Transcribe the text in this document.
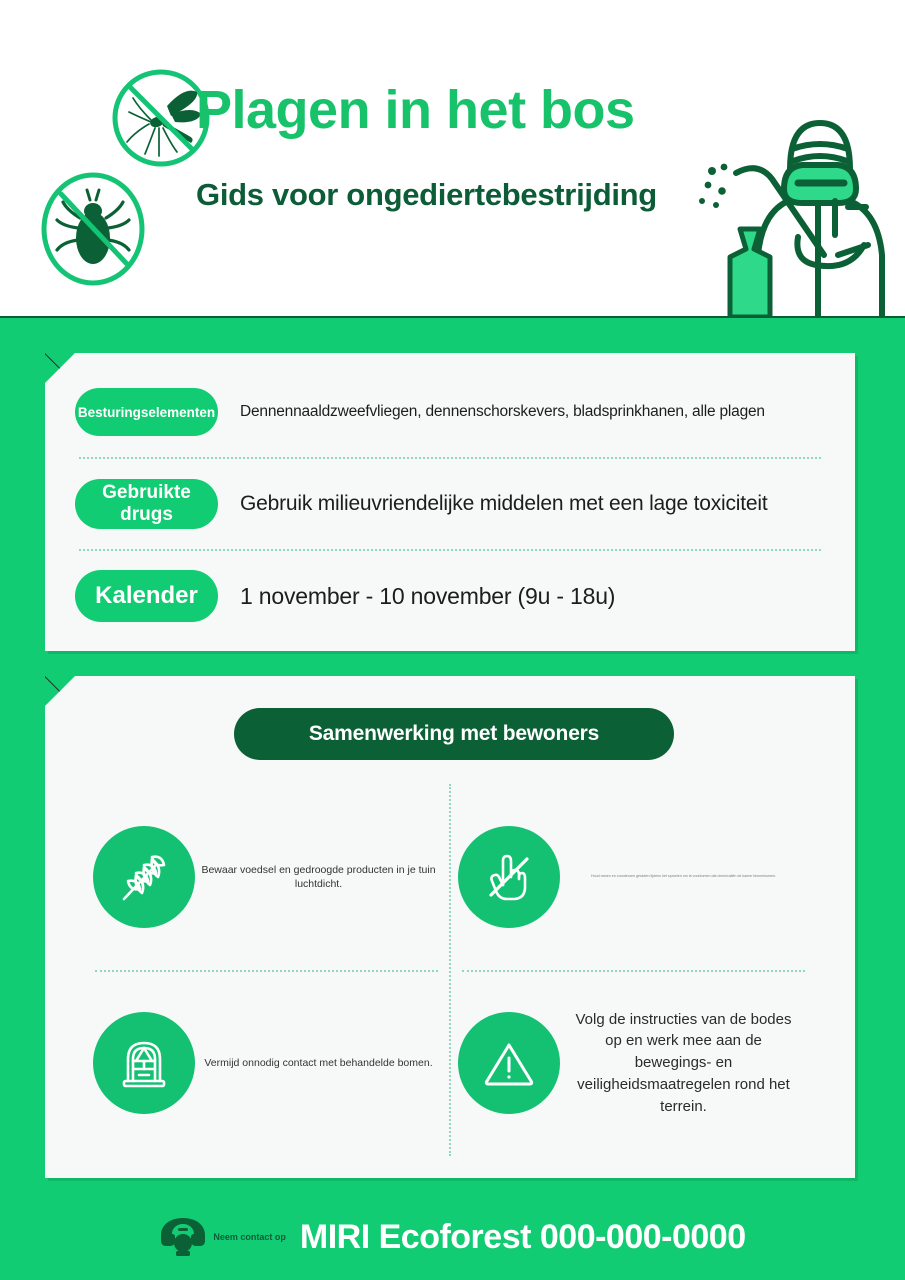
Plagen in het bos
Gids voor ongediertebestrijding
Besturingselementen	Dennennaaldzweefvliegen, dennenschorskevers, bladsprinkhanen, alle plagen
Gebruikte drugs	Gebruik milieuvriendelijke middelen met een lage toxiciteit
Kalender	1 november - 10 november (9u - 18u)
Samenwerking met bewoners
Bewaar voedsel en gedroogde producten in je tuin luchtdicht.
Houd ramen en voordeuren gesloten tijdens het sproeien om te voorkomen dat chemicaliën de kamer binnenkomen.
Vermijd onnodig contact met behandelde bomen.
Volg de instructies van de bodes op en werk mee aan de bewegings- en veiligheidsmaatregelen rond het terrein.
Neem contact op MIRI Ecoforest 000-000-0000
